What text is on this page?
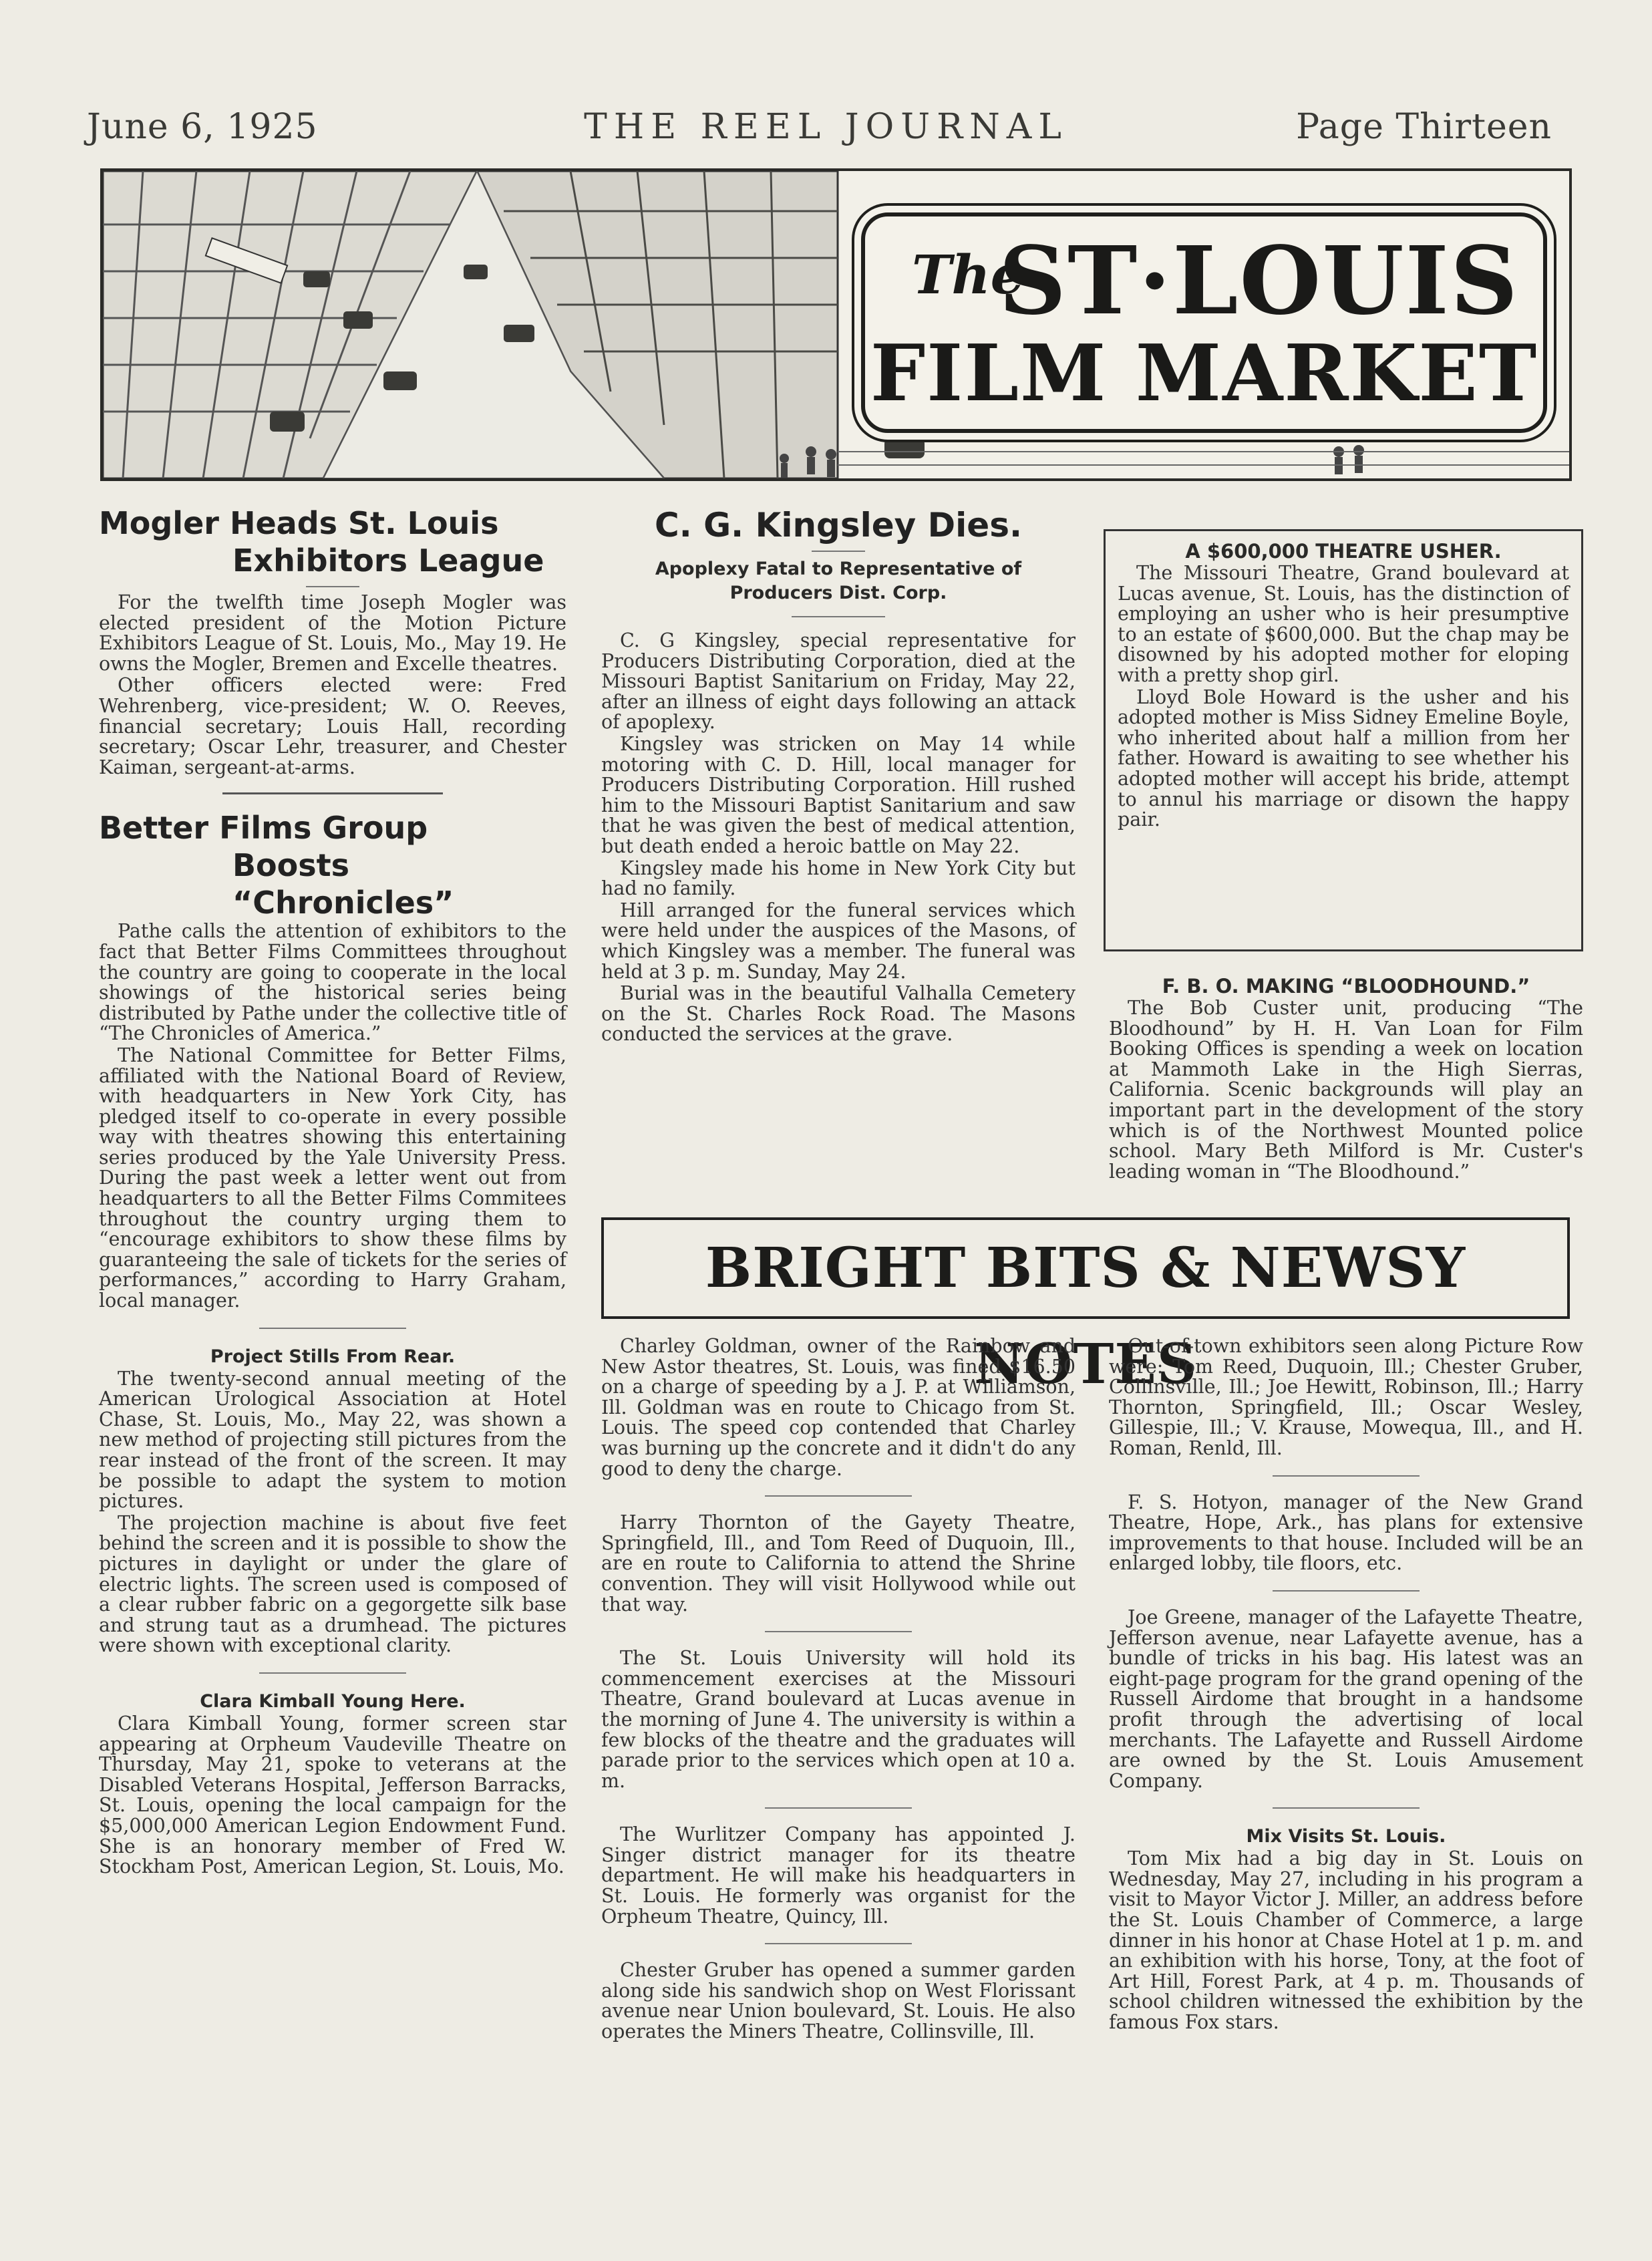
June 6, 1925	THE REEL JOURNAL	Page Thirteen
The
ST·LOUIS
FILM MARKET
Mogler Heads St. Louis
Exhibitors League

For the twelfth time Joseph Mogler was elected president of the Motion Picture Exhibitors League of St. Louis, Mo., May 19. He owns the Mogler, Bremen and Excelle theatres.

Other officers elected were: Fred Wehrenberg, vice-president; W. O. Reeves, financial secretary; Louis Hall, recording secretary; Oscar Lehr, treasurer, and Chester Kaiman, sergeant-at-arms.

Better Films Group
Boosts “Chronicles”

Pathe calls the attention of exhibitors to the fact that Better Films Committees throughout the country are going to cooperate in the local showings of the historical series being distributed by Pathe under the collective title of “The Chronicles of America.”

The National Committee for Better Films, affiliated with the National Board of Review, with headquarters in New York City, has pledged itself to co-operate in every possible way with theatres showing this entertaining series produced by the Yale University Press. During the past week a letter went out from headquarters to all the Better Films Commitees throughout the country urging them to “encourage exhibitors to show these films by guaranteeing the sale of tickets for the series of performances,” according to Harry Graham, local manager.

Project Stills From Rear.

The twenty-second annual meeting of the American Urological Association at Hotel Chase, St. Louis, Mo., May 22, was shown a new method of projecting still pictures from the rear instead of the front of the screen. It may be possible to adapt the system to motion pictures.

The projection machine is about five feet behind the screen and it is possible to show the pictures in daylight or under the glare of electric lights. The screen used is composed of a clear rubber fabric on a gegorgette silk base and strung taut as a drumhead. The pictures were shown with exceptional clarity.

Clara Kimball Young Here.

Clara Kimball Young, former screen star appearing at Orpheum Vaudeville Theatre on Thursday, May 21, spoke to veterans at the Disabled Veterans Hospital, Jefferson Barracks, St. Louis, opening the local campaign for the $5,000,000 American Legion Endowment Fund. She is an honorary member of Fred W. Stockham Post, American Legion, St. Louis, Mo.

C. G. Kingsley Dies.

Apoplexy Fatal to Representative of

Producers Dist. Corp.

C. G Kingsley, special representative for Producers Distributing Corporation, died at the Missouri Baptist Sanitarium on Friday, May 22, after an illness of eight days following an attack of apoplexy.

Kingsley was stricken on May 14 while motoring with C. D. Hill, local manager for Producers Distributing Corporation. Hill rushed him to the Missouri Baptist Sanitarium and saw that he was given the best of medical attention, but death ended a heroic battle on May 22.

Kingsley made his home in New York City but had no family.

Hill arranged for the funeral services which were held under the auspices of the Masons, of which Kingsley was a member. The funeral was held at 3 p. m. Sunday, May 24.

Burial was in the beautiful Valhalla Cemetery on the St. Charles Rock Road. The Masons conducted the services at the grave.

A $600,000 THEATRE USHER.

The Missouri Theatre, Grand boulevard at Lucas avenue, St. Louis, has the distinction of employing an usher who is heir presumptive to an estate of $600,000. But the chap may be disowned by his adopted mother for eloping with a pretty shop girl.

Lloyd Bole Howard is the usher and his adopted mother is Miss Sidney Emeline Boyle, who inherited about half a million from her father. Howard is awaiting to see whether his adopted mother will accept his bride, attempt to annul his marriage or disown the happy pair.

F. B. O. MAKING “BLOODHOUND.”

The Bob Custer unit, producing “The Bloodhound” by H. H. Van Loan for Film Booking Offices is spending a week on location at Mammoth Lake in the High Sierras, California. Scenic backgrounds will play an important part in the development of the story which is of the Northwest Mounted police school. Mary Beth Milford is Mr. Custer's leading woman in “The Bloodhound.”

BRIGHT BITS & NEWSY NOTES

Charley Goldman, owner of the Rainbow and New Astor theatres, St. Louis, was fined $16.50 on a charge of speeding by a J. P. at Williamson, Ill. Goldman was en route to Chicago from St. Louis. The speed cop contended that Charley was burning up the concrete and it didn't do any good to deny the charge.

Harry Thornton of the Gayety Theatre, Springfield, Ill., and Tom Reed of Duquoin, Ill., are en route to California to attend the Shrine convention. They will visit Hollywood while out that way.

The St. Louis University will hold its commencement exercises at the Missouri Theatre, Grand boulevard at Lucas avenue in the morning of June 4. The university is within a few blocks of the theatre and the graduates will parade prior to the services which open at 10 a. m.

The Wurlitzer Company has appointed J. Singer district manager for its theatre department. He will make his headquarters in St. Louis. He formerly was organist for the Orpheum Theatre, Quincy, Ill.

Chester Gruber has opened a summer garden along side his sandwich shop on West Florissant avenue near Union boulevard, St. Louis. He also operates the Miners Theatre, Collinsville, Ill.

Out-of-town exhibitors seen along Picture Row were: Tom Reed, Duquoin, Ill.; Chester Gruber, Collinsville, Ill.; Joe Hewitt, Robinson, Ill.; Harry Thornton, Springfield, Ill.; Oscar Wesley, Gillespie, Ill.; V. Krause, Mowequa, Ill., and H. Roman, Renld, Ill.

F. S. Hotyon, manager of the New Grand Theatre, Hope, Ark., has plans for extensive improvements to that house. Included will be an enlarged lobby, tile floors, etc.

Joe Greene, manager of the Lafayette Theatre, Jefferson avenue, near Lafayette avenue, has a bundle of tricks in his bag. His latest was an eight-page program for the grand opening of the Russell Airdome that brought in a handsome profit through the advertising of local merchants. The Lafayette and Russell Airdome are owned by the St. Louis Amusement Company.

Mix Visits St. Louis.

Tom Mix had a big day in St. Louis on Wednesday, May 27, including in his program a visit to Mayor Victor J. Miller, an address before the St. Louis Chamber of Commerce, a large dinner in his honor at Chase Hotel at 1 p. m. and an exhibition with his horse, Tony, at the foot of Art Hill, Forest Park, at 4 p. m. Thousands of school children witnessed the exhibition by the famous Fox stars.
